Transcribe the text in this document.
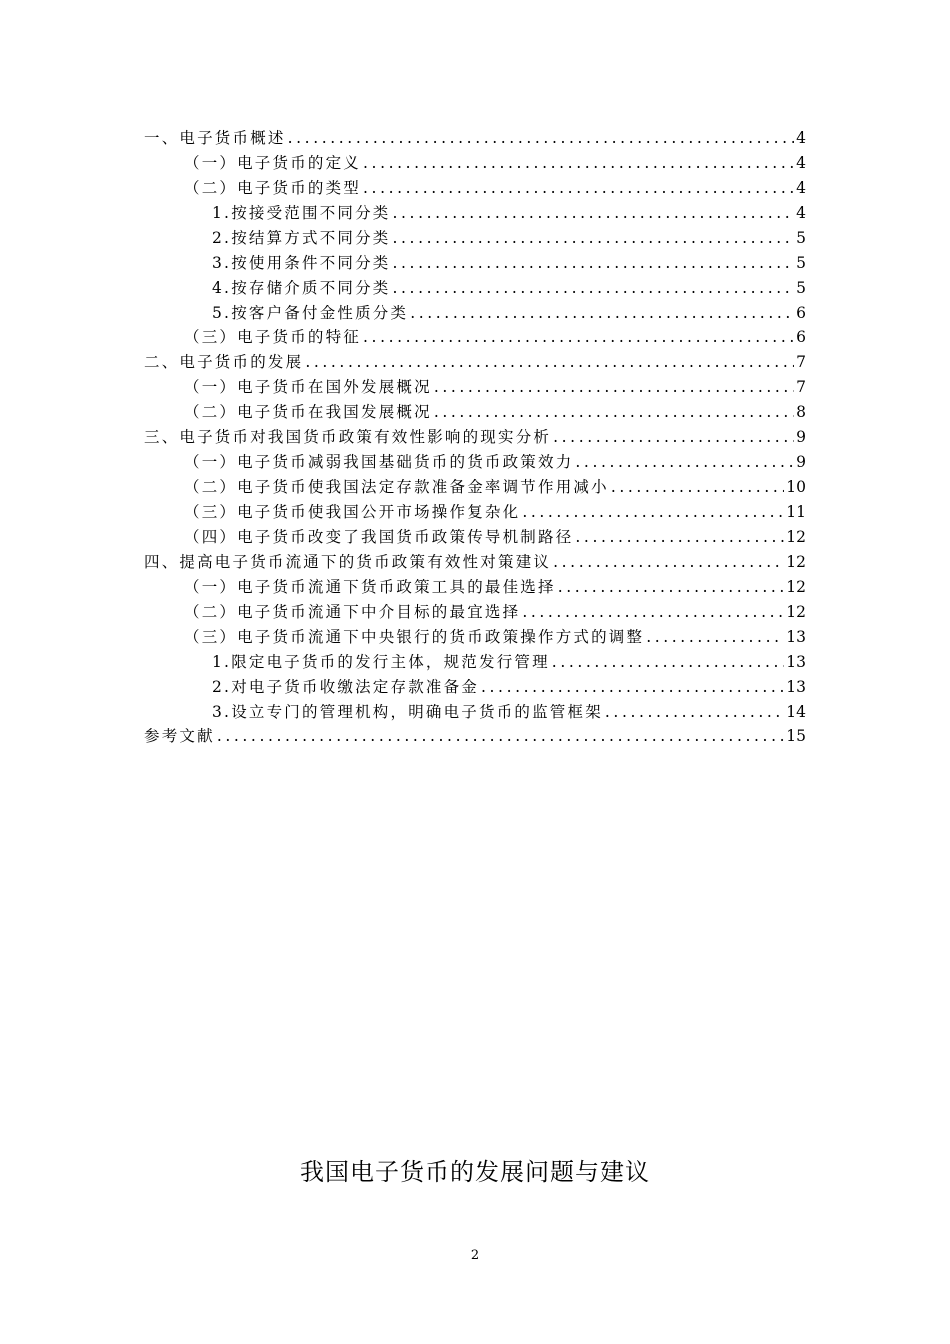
一、电子货币概述 .....	4
（一）电子货币的定义 .....	4
（二）电子货币的类型 .....	4
1.按接受范围不同分类 .....	4
2.按结算方式不同分类 .....	5
3.按使用条件不同分类 .....	5
4.按存储介质不同分类 .....	5
5.按客户备付金性质分类 .....	6
（三）电子货币的特征 .....	6
二、电子货币的发展 .....	7
（一）电子货币在国外发展概况 .....	7
（二）电子货币在我国发展概况 .....	8
三、电子货币对我国货币政策有效性影响的现实分析 .....	9
（一）电子货币减弱我国基础货币的货币政策效力 .....	9
（二）电子货币使我国法定存款准备金率调节作用减小 .....	10
（三）电子货币使我国公开市场操作复杂化 .....	11
（四）电子货币改变了我国货币政策传导机制路径 .....	12
四、提高电子货币流通下的货币政策有效性对策建议 .....	12
（一）电子货币流通下货币政策工具的最佳选择 .....	12
（二）电子货币流通下中介目标的最宜选择 .....	12
（三）电子货币流通下中央银行的货币政策操作方式的调整 .....	13
1.限定电子货币的发行主体，规范发行管理 .....	13
2.对电子货币收缴法定存款准备金 .....	13
3.设立专门的管理机构，明确电子货币的监管框架 .....	14
参考文献 .....	15
我国电子货币的发展问题与建议
2
